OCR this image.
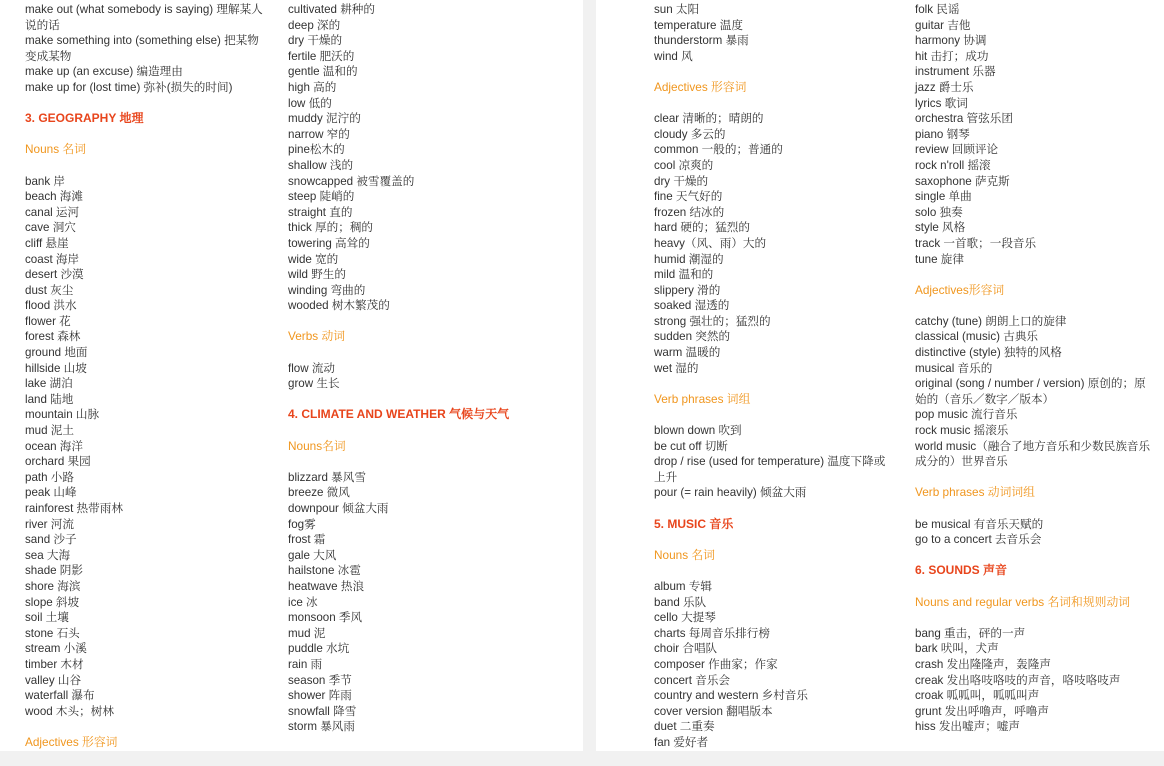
make out (what somebody is saying) 理解某人说的话
make something into (something else) 把某物变成某物
make up (an excuse) 编造理由
make up for (lost time) 弥补(损失的时间)
3. GEOGRAPHY 地理
Nouns 名词
bank 岸
beach 海滩
canal 运河
cave 洞穴
cliff 悬崖
coast 海岸
desert 沙漠
dust 灰尘
flood 洪水
flower 花
forest 森林
ground 地面
hillside 山坡
lake 湖泊
land 陆地
mountain 山脉
mud 泥土
ocean 海洋
orchard 果园
path 小路
peak 山峰
rainforest 热带雨林
river 河流
sand 沙子
sea 大海
shade 阴影
shore 海滨
slope 斜坡
soil 土壤
stone 石头
stream 小溪
timber 木材
valley 山谷
waterfall 瀑布
wood 木头；树林
Adjectives 形容词
cultivated 耕种的
deep 深的
dry 干燥的
fertile 肥沃的
gentle 温和的
high 高的
low 低的
muddy 泥泞的
narrow 窄的
pine松木的
shallow 浅的
snowcapped 被雪覆盖的
steep 陡峭的
straight 直的
thick 厚的；稠的
towering 高耸的
wide 宽的
wild 野生的
winding 弯曲的
wooded 树木繁茂的
Verbs 动词
flow 流动
grow 生长
4. CLIMATE AND WEATHER 气候与天气
Nouns名词
blizzard 暴风雪
breeze 微风
downpour 倾盆大雨
fog雾
frost 霜
gale 大风
hailstone 冰雹
heatwave 热浪
ice 冰
monsoon 季风
mud 泥
puddle 水坑
rain 雨
season 季节
shower 阵雨
snowfall 降雪
storm 暴风雨
sun 太阳
temperature 温度
thunderstorm 暴雨
wind 风
Adjectives 形容词
clear 清晰的；晴朗的
cloudy 多云的
common 一般的；普通的
cool 凉爽的
dry 干燥的
fine 天气好的
frozen 结冰的
hard 硬的；猛烈的
heavy（风、雨）大的
humid 潮湿的
mild 温和的
slippery 滑的
soaked 湿透的
strong 强壮的；猛烈的
sudden 突然的
warm 温暖的
wet 湿的
Verb phrases 词组
blown down 吹到
be cut off 切断
drop / rise (used for temperature) 温度下降或上升
pour (= rain heavily) 倾盆大雨
5. MUSIC 音乐
Nouns 名词
album 专辑
band 乐队
cello 大提琴
charts 每周音乐排行榜
choir 合唱队
composer 作曲家；作家
concert 音乐会
country and western 乡村音乐
cover version 翻唱版本
duet 二重奏
fan 爱好者
folk 民谣
guitar 吉他
harmony 协调
hit 击打；成功
instrument 乐器
jazz 爵士乐
lyrics 歌词
orchestra 管弦乐团
piano 钢琴
review 回顾评论
rock n'roll 摇滚
saxophone 萨克斯
single 单曲
solo 独奏
style 风格
track 一首歌；一段音乐
tune 旋律
Adjectives形容词
catchy (tune) 朗朗上口的旋律
classical (music) 古典乐
distinctive (style) 独特的风格
musical 音乐的
original (song / number / version) 原创的；原始的（音乐／数字／版本）
pop music 流行音乐
rock music 摇滚乐
world music（融合了地方音乐和少数民族音乐成分的）世界音乐
Verb phrases 动词词组
be musical 有音乐天赋的
go to a concert 去音乐会
6. SOUNDS 声音
Nouns and regular verbs 名词和规则动词
bang 重击，砰的一声
bark 吠叫，犬声
crash 发出隆隆声，轰隆声
creak 发出咯吱咯吱的声音，咯吱咯吱声
croak 呱呱叫，呱呱叫声
grunt 发出呼噜声，呼噜声
hiss 发出嘘声；嘘声
